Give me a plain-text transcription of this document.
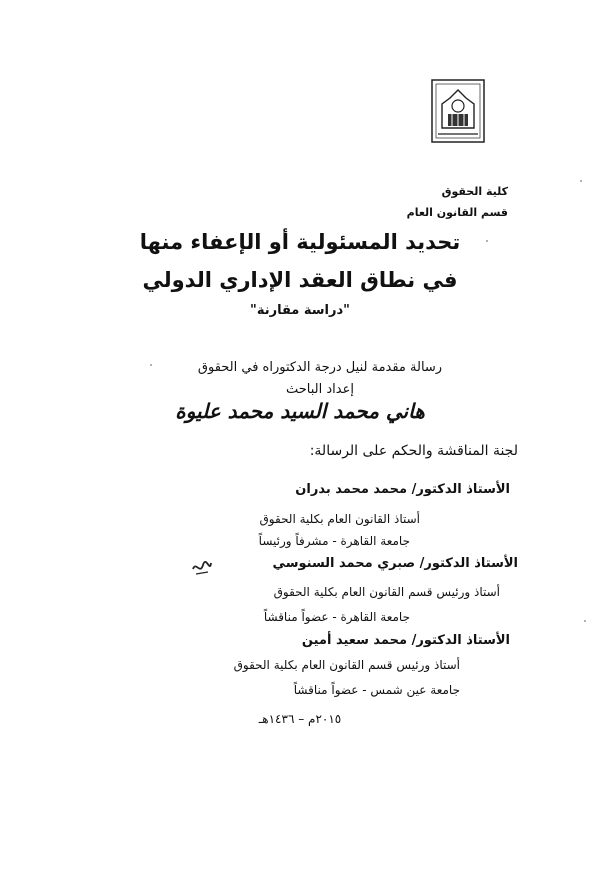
كلية الحقوق
قسم القانون العام
تحديد المسئولية أو الإعفاء منها
في نطاق العقد الإداري الدولي
"دراسة مقارنة"
رسالة مقدمة لنيل درجة الدكتوراه في الحقوق
إعداد الباحث
هاني محمد السيد محمد عليوة
لجنة المناقشة والحكم على الرسالة:
الأستاذ الدكتور/ محمد محمد بدران
أستاذ القانون العام بكلية الحقوق
جامعة القاهرة - مشرفاً ورئيساً
الأستاذ الدكتور/ صبري محمد السنوسي
أستاذ ورئيس قسم القانون العام بكلية الحقوق
جامعة القاهرة - عضواً مناقشاً
الأستاذ الدكتور/ محمد سعيد أمين
أستاذ ورئيس قسم القانون العام بكلية الحقوق
جامعة عين شمس - عضواً مناقشاً
٢٠١٥م – ١٤٣٦هـ
